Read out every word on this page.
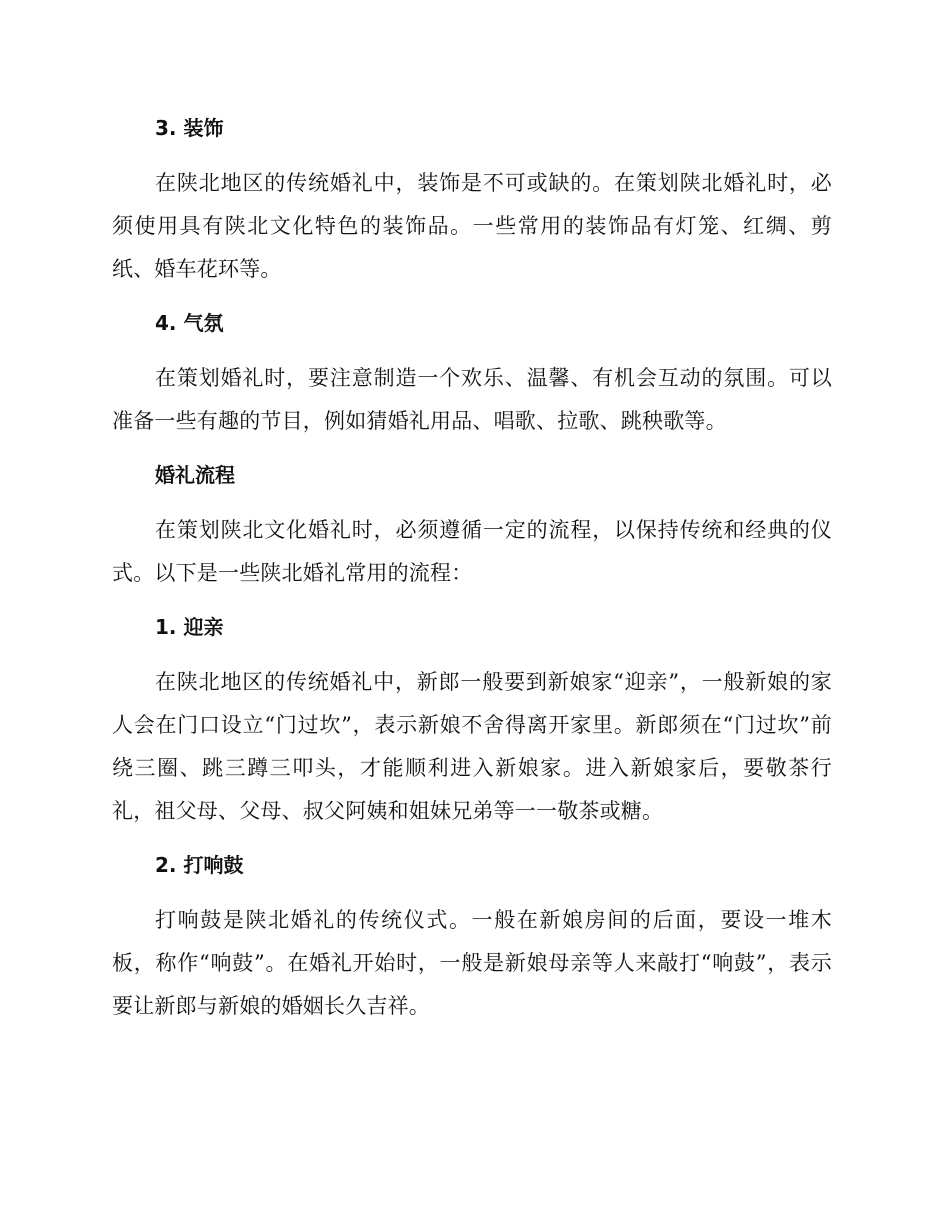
3. 装饰

在陕北地区的传统婚礼中，装饰是不可或缺的。在策划陕北婚礼时，必须使用具有陕北文化特色的装饰品。一些常用的装饰品有灯笼、红绸、剪纸、婚车花环等。

4. 气氛

在策划婚礼时，要注意制造一个欢乐、温馨、有机会互动的氛围。可以准备一些有趣的节目，例如猜婚礼用品、唱歌、拉歌、跳秧歌等。

婚礼流程

在策划陕北文化婚礼时，必须遵循一定的流程，以保持传统和经典的仪式。以下是一些陕北婚礼常用的流程：

1. 迎亲

在陕北地区的传统婚礼中，新郎一般要到新娘家“迎亲”，一般新娘的家人会在门口设立“门过坎”，表示新娘不舍得离开家里。新郎须在“门过坎”前绕三圈、跳三蹲三叩头，才能顺利进入新娘家。进入新娘家后，要敬茶行礼，祖父母、父母、叔父阿姨和姐妹兄弟等一一敬茶或糖。

2. 打响鼓

打响鼓是陕北婚礼的传统仪式。一般在新娘房间的后面，要设一堆木板，称作“响鼓”。在婚礼开始时，一般是新娘母亲等人来敲打“响鼓”，表示要让新郎与新娘的婚姻长久吉祥。
